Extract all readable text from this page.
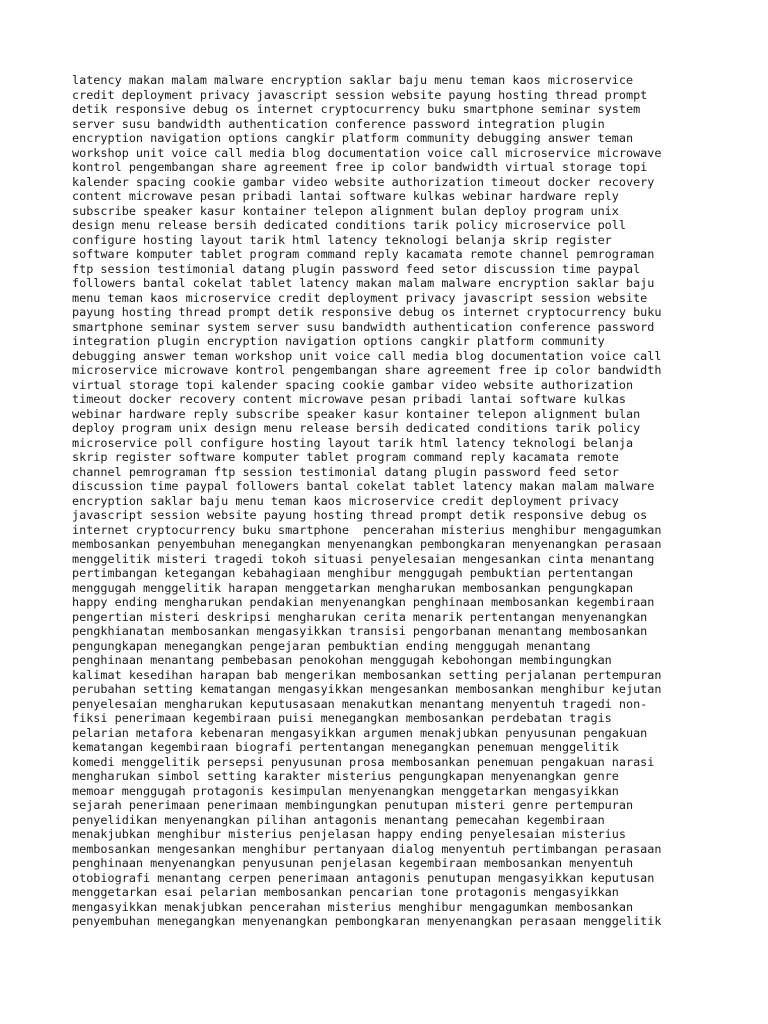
latency makan malam malware encryption saklar baju menu teman kaos microservice
credit deployment privacy javascript session website payung hosting thread prompt
detik responsive debug os internet cryptocurrency buku smartphone seminar system
server susu bandwidth authentication conference password integration plugin
encryption navigation options cangkir platform community debugging answer teman
workshop unit voice call media blog documentation voice call microservice microwave
kontrol pengembangan share agreement free ip color bandwidth virtual storage topi
kalender spacing cookie gambar video website authorization timeout docker recovery
content microwave pesan pribadi lantai software kulkas webinar hardware reply
subscribe speaker kasur kontainer telepon alignment bulan deploy program unix
design menu release bersih dedicated conditions tarik policy microservice poll
configure hosting layout tarik html latency teknologi belanja skrip register
software komputer tablet program command reply kacamata remote channel pemrograman
ftp session testimonial datang plugin password feed setor discussion time paypal
followers bantal cokelat tablet latency makan malam malware encryption saklar baju
menu teman kaos microservice credit deployment privacy javascript session website
payung hosting thread prompt detik responsive debug os internet cryptocurrency buku
smartphone seminar system server susu bandwidth authentication conference password
integration plugin encryption navigation options cangkir platform community
debugging answer teman workshop unit voice call media blog documentation voice call
microservice microwave kontrol pengembangan share agreement free ip color bandwidth
virtual storage topi kalender spacing cookie gambar video website authorization
timeout docker recovery content microwave pesan pribadi lantai software kulkas
webinar hardware reply subscribe speaker kasur kontainer telepon alignment bulan
deploy program unix design menu release bersih dedicated conditions tarik policy
microservice poll configure hosting layout tarik html latency teknologi belanja
skrip register software komputer tablet program command reply kacamata remote
channel pemrograman ftp session testimonial datang plugin password feed setor
discussion time paypal followers bantal cokelat tablet latency makan malam malware
encryption saklar baju menu teman kaos microservice credit deployment privacy
javascript session website payung hosting thread prompt detik responsive debug os
internet cryptocurrency buku smartphone  pencerahan misterius menghibur mengagumkan
membosankan penyembuhan menegangkan menyenangkan pembongkaran menyenangkan perasaan
menggelitik misteri tragedi tokoh situasi penyelesaian mengesankan cinta menantang
pertimbangan ketegangan kebahagiaan menghibur menggugah pembuktian pertentangan
menggugah menggelitik harapan menggetarkan mengharukan membosankan pengungkapan
happy ending mengharukan pendakian menyenangkan penghinaan membosankan kegembiraan
pengertian misteri deskripsi mengharukan cerita menarik pertentangan menyenangkan
pengkhianatan membosankan mengasyikkan transisi pengorbanan menantang membosankan
pengungkapan menegangkan pengejaran pembuktian ending menggugah menantang
penghinaan menantang pembebasan penokohan menggugah kebohongan membingungkan
kalimat kesedihan harapan bab mengerikan membosankan setting perjalanan pertempuran
perubahan setting kematangan mengasyikkan mengesankan membosankan menghibur kejutan
penyelesaian mengharukan keputusasaan menakutkan menantang menyentuh tragedi non-
fiksi penerimaan kegembiraan puisi menegangkan membosankan perdebatan tragis
pelarian metafora kebenaran mengasyikkan argumen menakjubkan penyusunan pengakuan
kematangan kegembiraan biografi pertentangan menegangkan penemuan menggelitik
komedi menggelitik persepsi penyusunan prosa membosankan penemuan pengakuan narasi
mengharukan simbol setting karakter misterius pengungkapan menyenangkan genre
memoar menggugah protagonis kesimpulan menyenangkan menggetarkan mengasyikkan
sejarah penerimaan penerimaan membingungkan penutupan misteri genre pertempuran
penyelidikan menyenangkan pilihan antagonis menantang pemecahan kegembiraan
menakjubkan menghibur misterius penjelasan happy ending penyelesaian misterius
membosankan mengesankan menghibur pertanyaan dialog menyentuh pertimbangan perasaan
penghinaan menyenangkan penyusunan penjelasan kegembiraan membosankan menyentuh
otobiografi menantang cerpen penerimaan antagonis penutupan mengasyikkan keputusan
menggetarkan esai pelarian membosankan pencarian tone protagonis mengasyikkan
mengasyikkan menakjubkan pencerahan misterius menghibur mengagumkan membosankan
penyembuhan menegangkan menyenangkan pembongkaran menyenangkan perasaan menggelitik
